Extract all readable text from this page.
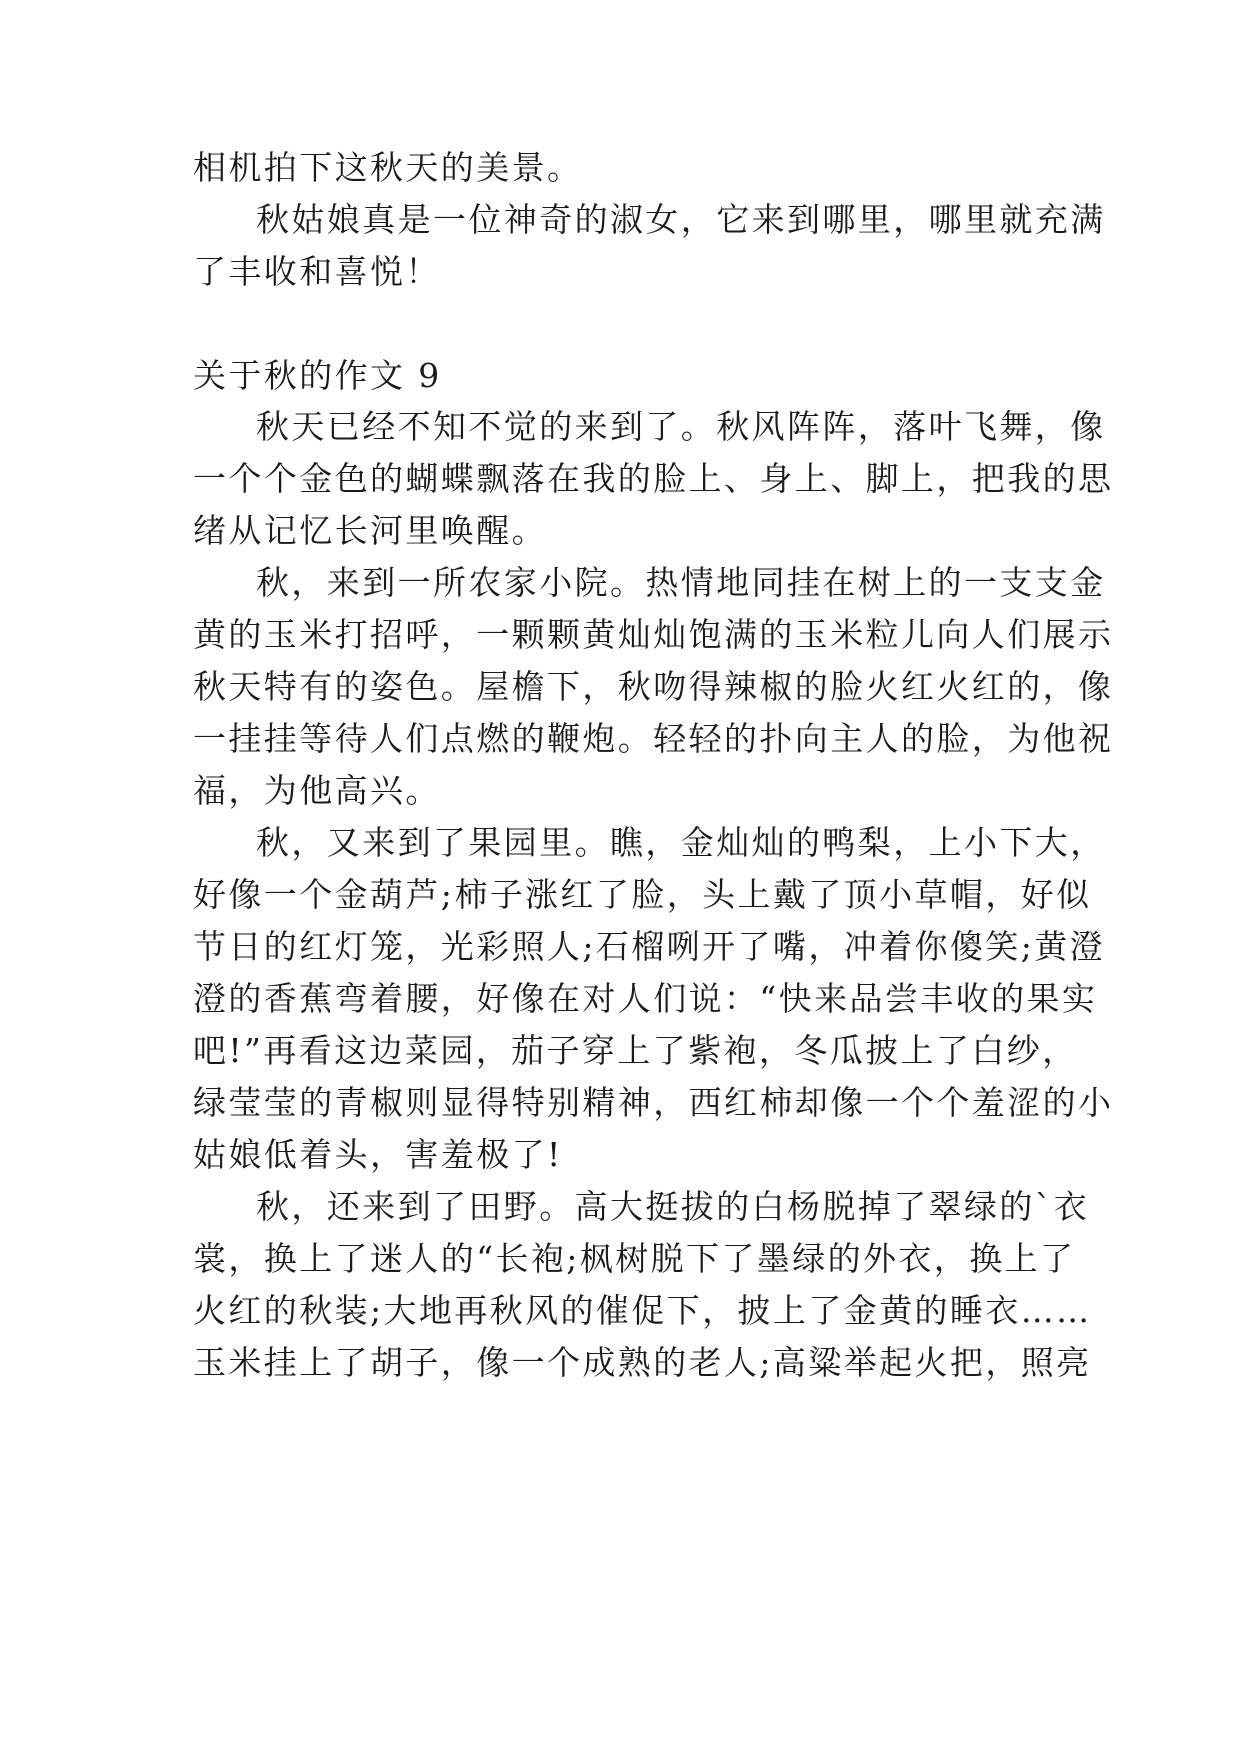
相机拍下这秋天的美景。
秋姑娘真是一位神奇的淑女，它来到哪里，哪里就充满
了丰收和喜悦！
关于秋的作文 9
秋天已经不知不觉的来到了。秋风阵阵，落叶飞舞，像
一个个金色的蝴蝶飘落在我的脸上、身上、脚上，把我的思
绪从记忆长河里唤醒。
秋，来到一所农家小院。热情地同挂在树上的一支支金
黄的玉米打招呼，一颗颗黄灿灿饱满的玉米粒儿向人们展示
秋天特有的姿色。屋檐下，秋吻得辣椒的脸火红火红的，像
一挂挂等待人们点燃的鞭炮。轻轻的扑向主人的脸，为他祝
福，为他高兴。
秋，又来到了果园里。瞧，金灿灿的鸭梨，上小下大，
好像一个金葫芦;柿子涨红了脸，头上戴了顶小草帽，好似
节日的红灯笼，光彩照人;石榴咧开了嘴，冲着你傻笑;黄澄
澄的香蕉弯着腰，好像在对人们说：“快来品尝丰收的果实
吧!”再看这边菜园，茄子穿上了紫袍，冬瓜披上了白纱，
绿莹莹的青椒则显得特别精神，西红柿却像一个个羞涩的小
姑娘低着头，害羞极了!
秋，还来到了田野。高大挺拔的白杨脱掉了翠绿的`衣
裳，换上了迷人的“长袍;枫树脱下了墨绿的外衣，换上了
火红的秋装;大地再秋风的催促下，披上了金黄的睡衣……
玉米挂上了胡子，像一个成熟的老人;高粱举起火把，照亮
